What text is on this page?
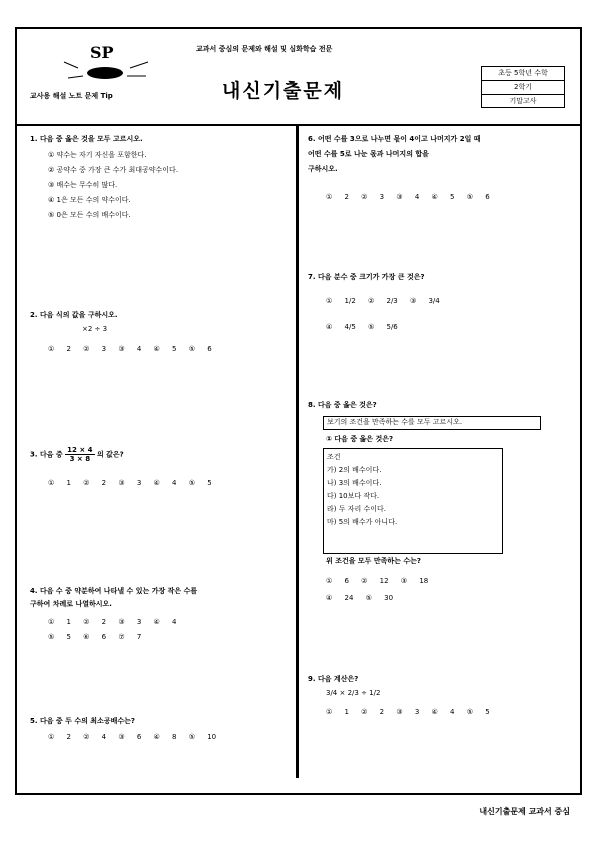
교과서 중심의 문제와 해설 및 심화학습 전문
SP
교사용 해설 노트 문제 Tip	내신기출문제
초등 5학년 수학
2학기
기말고사
1. 다음 중 옳은 것을 모두 고르시오.
① 약수는 자기 자신을 포함한다.
② 공약수 중 가장 큰 수가 최대공약수이다.
③ 배수는 무수히 많다.
④ 1은 모든 수의 약수이다.
⑤ 0은 모든 수의 배수이다.
2. 다음 식의 값을 구하시오.
×2 ÷ 3
① 2 ② 3 ③ 4 ④ 5 ⑤ 6
3. 다음 중 $\frac{12 \times 4}{3 \times 8}$ 의 값은?
① 1 ② 2 ③ 3 ④ 4 ⑤ 5
4. 다음 수 중 약분하여 나타낼 수 있는 가장 작은 수를
구하여 차례로 나열하시오.
① 1 ② 2 ③ 3 ④ 4
⑤ 5 ⑥ 6 ⑦ 7
5. 다음 중 두 수의 최소공배수는?
① 2 ② 4 ③ 6 ④ 8 ⑤ 10
6. 어떤 수를 3으로 나누면 몫이 4이고 나머지가 2일 때
어떤 수를 5로 나눈 몫과 나머지의 합을
구하시오.
① 2 ② 3 ③ 4 ④ 5 ⑤ 6
7. 다음 분수 중 크기가 가장 큰 것은?
① 1/2 ② 2/3 ③ 3/4
④ 4/5 ⑤ 5/6
8. 다음 중 옳은 것은?
보기의 조건을 만족하는 수를 모두 고르시오.
① 다음 중 옳은 것은?
조건
가) 2의 배수이다.
나) 3의 배수이다.
다) 10보다 작다.
라) 두 자리 수이다.
마) 5의 배수가 아니다.
위 조건을 모두 만족하는 수는?
① 6 ② 12 ③ 18
④ 24 ⑤ 30
9. 다음 계산은?
3/4 × 2/3 ÷ 1/2
① 1 ② 2 ③ 3 ④ 4 ⑤ 5
내신기출문제 교과서 중심
